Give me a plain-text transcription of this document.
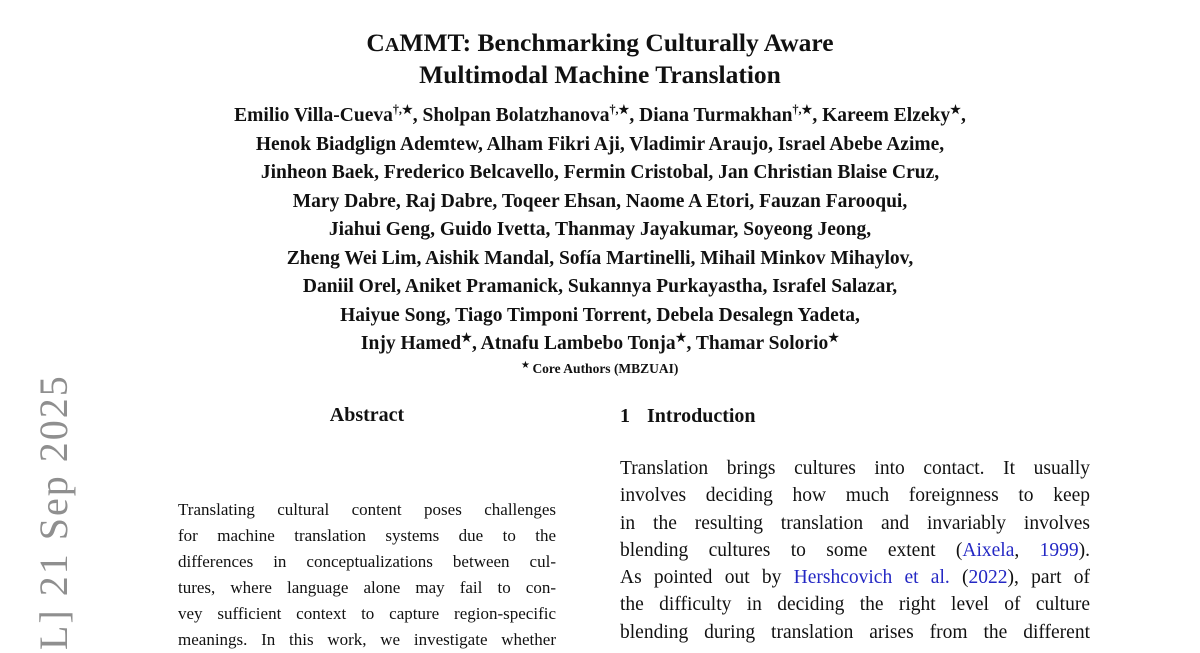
L] 21 Sep 2025
CAMMT: Benchmarking Culturally Aware
Multimodal Machine Translation
Emilio Villa-Cueva†,★, Sholpan Bolatzhanova†,★, Diana Turmakhan†,★, Kareem Elzeky★,
Henok Biadglign Ademtew, Alham Fikri Aji, Vladimir Araujo, Israel Abebe Azime,
Jinheon Baek, Frederico Belcavello, Fermin Cristobal, Jan Christian Blaise Cruz,
Mary Dabre, Raj Dabre, Toqeer Ehsan, Naome A Etori, Fauzan Farooqui,
Jiahui Geng, Guido Ivetta, Thanmay Jayakumar, Soyeong Jeong,
Zheng Wei Lim, Aishik Mandal, Sofía Martinelli, Mihail Minkov Mihaylov,
Daniil Orel, Aniket Pramanick, Sukannya Purkayastha, Israfel Salazar,
Haiyue Song, Tiago Timponi Torrent, Debela Desalegn Yadeta,
Injy Hamed★, Atnafu Lambebo Tonja★, Thamar Solorio★
★ Core Authors (MBZUAI)
Abstract
Translating cultural content poses challenges
for machine translation systems due to the
differences in conceptualizations between cul-
tures, where language alone may fail to con-
vey sufficient context to capture region-specific
meanings. In this work, we investigate whether
1 Introduction
Translation brings cultures into contact. It usually
involves deciding how much foreignness to keep
in the resulting translation and invariably involves
blending cultures to some extent (Aixela, 1999).
As pointed out by Hershcovich et al. (2022), part of
the difficulty in deciding the right level of culture
blending during translation arises from the different
